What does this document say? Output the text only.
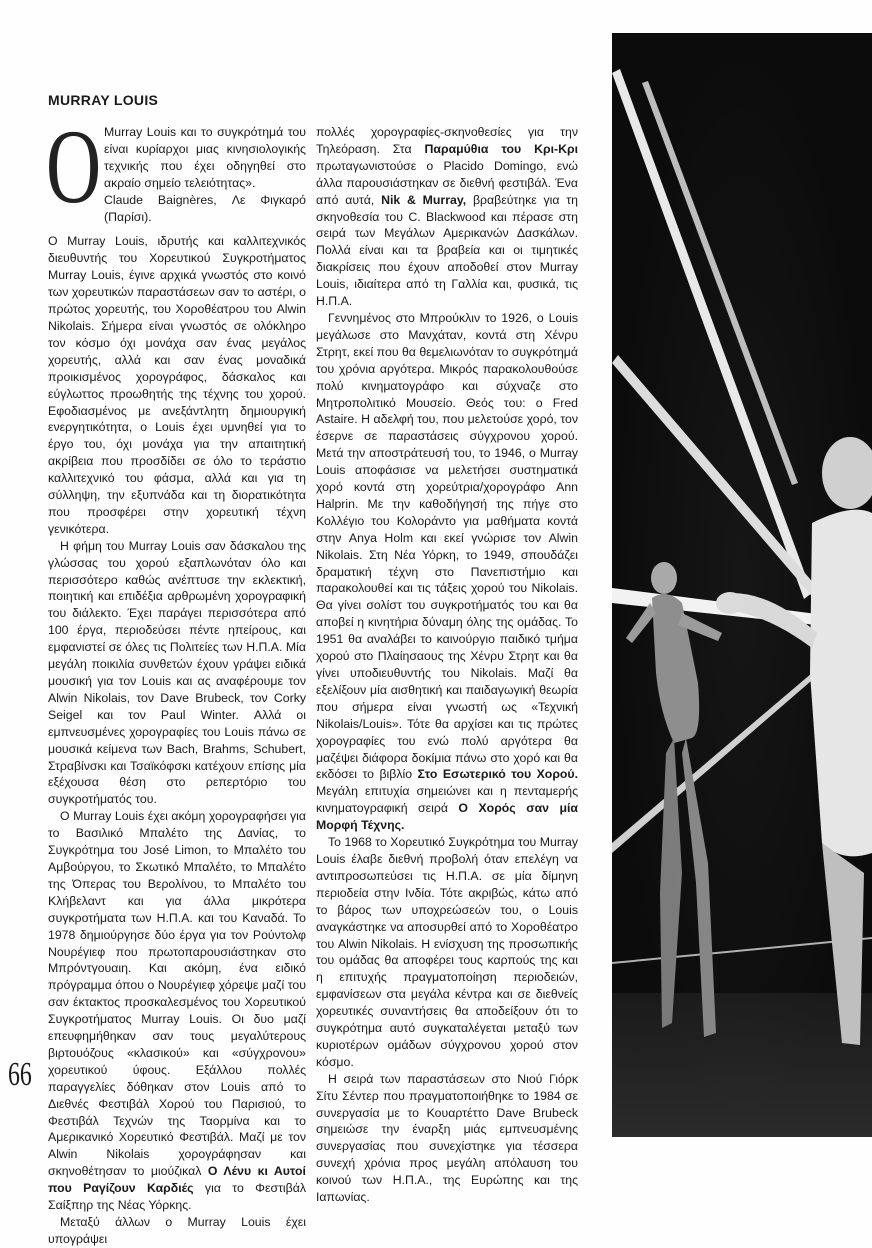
MURRAY LOUIS
Ο Murray Louis και το συγκρότημά του είναι κυρίαρχοι μιας κινησιολογικής τεχνικής που έχει οδηγηθεί στο ακραίο σημείο τελειότητας».
Claude Baignères, Λε Φιγκαρό (Παρίσι).

Ο Murray Louis, ιδρυτής και καλλιτεχνικός διευθυντής του Χορευτικού Συγκροτήματος Murray Louis, έγινε αρχικά γνωστός στο κοινό των χορευτικών παραστάσεων σαν το αστέρι, ο πρώτος χορευτής, του Χοροθέατρου του Alwin Nikolais. Σήμερα είναι γνωστός σε ολόκληρο τον κόσμο όχι μονάχα σαν ένας μεγάλος χορευτής, αλλά και σαν ένας μοναδικά προικισμένος χορογράφος, δάσκαλος και εύγλωττος προωθητής της τέχνης του χορού. Εφοδιασμένος με ανεξάντλητη δημιουργική ενεργητικότητα, ο Louis έχει υμνηθεί για το έργο του, όχι μονάχα για την απαιτητική ακρίβεια που προσδίδει σε όλο το τεράστιο καλλιτεχνικό του φάσμα, αλλά και για τη σύλληψη, την εξυπνάδα και τη διορατικότητα που προσφέρει στην χορευτική τέχνη γενικότερα.

Η φήμη του Murray Louis σαν δάσκαλου της γλώσσας του χορού εξαπλωνόταν όλο και περισσότερο καθώς ανέπτυσε την εκλεκτική, ποιητική και επιδέξια αρθρωμένη χορογραφική του διάλεκτο. Έχει παράγει περισσότερα από 100 έργα, περιοδεύσει πέντε ηπείρους, και εμφανιστεί σε όλες τις Πολιτείες των Η.Π.Α. Μία μεγάλη ποικιλία συνθετών έχουν γράψει ειδικά μουσική για τον Louis και ας αναφέρουμε τον Alwin Nikolais, τον Dave Brubeck, τον Corky Seigel και τον Paul Winter. Αλλά οι εμπνευσμένες χορογραφίες του Louis πάνω σε μουσικά κείμενα των Bach, Brahms, Schubert, Στραβίνσκι και Τσαϊκόφσκι κατέχουν επίσης μία εξέχουσα θέση στο ρεπερτόριο του συγκροτήματός του.

Ο Murray Louis έχει ακόμη χορογραφήσει για το Βασιλικό Μπαλέτο της Δανίας, το Συγκρότημα του José Limon, το Μπαλέτο του Αμβούργου, το Σκωτικό Μπαλέτο, το Μπαλέτο της Όπερας του Βερολίνου, το Μπαλέτο του Κλήβελαντ και για άλλα μικρότερα συγκροτήματα των Η.Π.Α. και του Καναδά. Το 1978 δημιούργησε δύο έργα για τον Ρούντολφ Νουρέγιεφ που πρωτοπαρουσιάστηκαν στο Μπρόντγουαιη. Και ακόμη, ένα ειδικό πρόγραμμα όπου ο Νουρέγιεφ χόρεψε μαζί του σαν έκτακτος προσκαλεσμένος του Χορευτικού Συγκροτήματος Murray Louis. Οι δυο μαζί επευφημήθηκαν σαν τους μεγαλύτερους βιρτουόζους «κλασικού» και «σύγχρονου» χορευτικού ύφους. Εξάλλου πολλές παραγγελίες δόθηκαν στον Louis από το Διεθνές Φεστιβάλ Χορού του Παρισιού, το Φεστιβάλ Τεχνών της Ταορμίνα και το Αμερικανικό Χορευτικό Φεστιβάλ. Μαζί με τον Alwin Nikolais χορογράφησαν και σκηνοθέτησαν το μιούζικαλ Ο Λένυ κι Αυτοί που Ραγίζουν Καρδιές για το Φεστιβάλ Σαίξπηρ της Νέας Υόρκης.

Μεταξύ άλλων ο Murray Louis έχει υπογράψει

πολλές χορογραφίες-σκηνοθεσίες για την Τηλεόραση. Στα Παραμύθια του Κρι-Κρι πρωταγωνιστούσε ο Placido Domingo, ενώ άλλα παρουσιάστηκαν σε διεθνή φεστιβάλ. Ένα από αυτά, Nik & Murray, βραβεύτηκε για τη σκηνοθεσία του C. Blackwood και πέρασε στη σειρά των Μεγάλων Αμερικανών Δασκάλων. Πολλά είναι και τα βραβεία και οι τιμητικές διακρίσεις που έχουν αποδοθεί στον Murray Louis, ιδιαίτερα από τη Γαλλία και, φυσικά, τις Η.Π.Α.

Γεννημένος στο Μπρούκλιν το 1926, ο Louis μεγάλωσε στο Μανχάταν, κοντά στη Χένρυ Στρητ, εκεί που θα θεμελιωνόταν το συγκρότημά του χρόνια αργότερα. Μικρός παρακολουθούσε πολύ κινηματογράφο και σύχναζε στο Μητροπολιτικό Μουσείο. Θεός του: ο Fred Astaire. Η αδελφή του, που μελετούσε χορό, τον έσερνε σε παραστάσεις σύγχρονου χορού. Μετά την αποστράτευσή του, το 1946, ο Murray Louis αποφάσισε να μελετήσει συστηματικά χορό κοντά στη χορεύτρια/χορογράφο Ann Halprin. Με την καθοδήγησή της πήγε στο Κολλέγιο του Κολοράντο για μαθήματα κοντά στην Anya Holm και εκεί γνώρισε τον Alwin Nikolais. Στη Νέα Υόρκη, το 1949, σπουδάζει δραματική τέχνη στο Πανεπιστήμιο και παρακολουθεί και τις τάξεις χορού του Nikolais. Θα γίνει σολίστ του συγκροτήματός του και θα αποβεί η κινητήρια δύναμη όλης της ομάδας. Το 1951 θα αναλάβει το καινούργιο παιδικό τμήμα χορού στο Πλαίησαους της Χένρυ Στρητ και θα γίνει υποδιευθυντής του Nikolais. Μαζί θα εξελίξουν μία αισθητική και παιδαγωγική θεωρία που σήμερα είναι γνωστή ως «Τεχνική Nikolais/Louis». Τότε θα αρχίσει και τις πρώτες χορογραφίες του ενώ πολύ αργότερα θα μαζέψει διάφορα δοκίμια πάνω στο χορό και θα εκδόσει το βιβλίο Στο Εσωτερικό του Χορού. Μεγάλη επιτυχία σημειώνει και η πενταμερής κινηματογραφική σειρά Ο Χορός σαν μία Μορφή Τέχνης.

Το 1968 το Χορευτικό Συγκρότημα του Murray Louis έλαβε διεθνή προβολή όταν επελέγη να αντιπροσωπεύσει τις Η.Π.Α. σε μία δίμηνη περιοδεία στην Ινδία. Τότε ακριβώς, κάτω από το βάρος των υποχρεώσεών του, ο Louis αναγκάστηκε να αποσυρθεί από το Χοροθέατρο του Alwin Nikolais. Η ενίσχυση της προσωπικής του ομάδας θα αποφέρει τους καρπούς της και η επιτυχής πραγματοποίηση περιοδειών, εμφανίσεων στα μεγάλα κέντρα και σε διεθνείς χορευτικές συναντήσεις θα αποδείξουν ότι το συγκρότημα αυτό συγκαταλέγεται μεταξύ των κυριοτέρων ομάδων σύγχρονου χορού στον κόσμο.

Η σειρά των παραστάσεων στο Νιού Γιόρκ Σίτυ Σέντερ που πραγματοποιήθηκε το 1984 σε συνεργασία με το Κουαρτέττο Dave Brubeck σημειώσε την έναρξη μιάς εμπνευσμένης συνεργασίας που συνεχίστηκε για τέσσερα συνεχή χρόνια προς μεγάλη απόλαυση του κοινού των Η.Π.Α., της Ευρώπης και της Ιαπωνίας.

66
